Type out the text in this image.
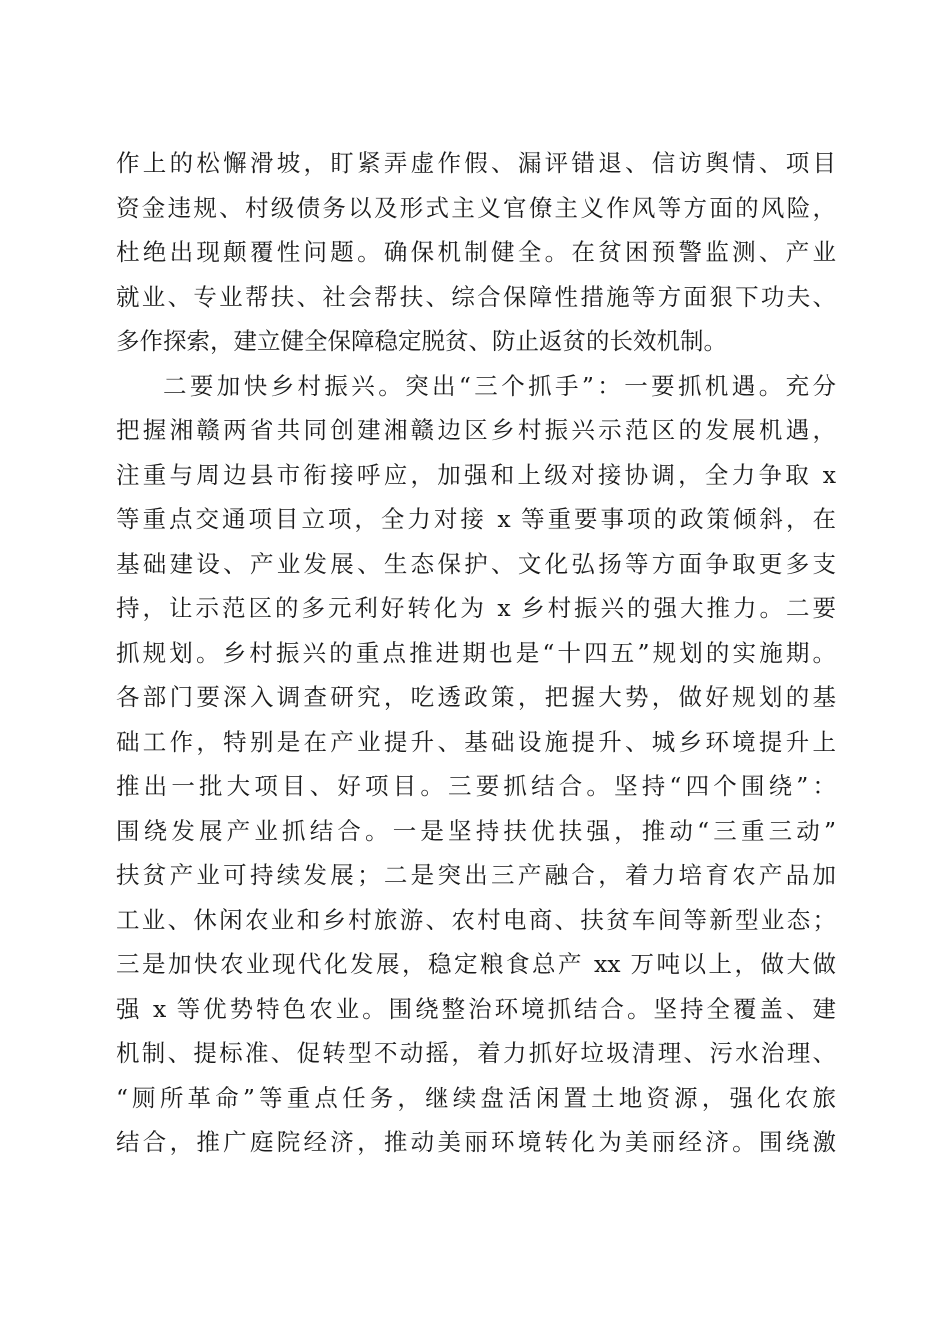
作上的松懈滑坡，盯紧弄虚作假、漏评错退、信访舆情、项目
资金违规、村级债务以及形式主义官僚主义作风等方面的风险，
杜绝出现颠覆性问题。确保机制健全。在贫困预警监测、产业
就业、专业帮扶、社会帮扶、综合保障性措施等方面狠下功夫、
多作探索，建立健全保障稳定脱贫、防止返贫的长效机制。
二要加快乡村振兴。突出“三个抓手”：一要抓机遇。充分
把握湘赣两省共同创建湘赣边区乡村振兴示范区的发展机遇，
注重与周边县市衔接呼应，加强和上级对接协调，全力争取 x
等重点交通项目立项，全力对接 x 等重要事项的政策倾斜，在
基础建设、产业发展、生态保护、文化弘扬等方面争取更多支
持，让示范区的多元利好转化为 x 乡村振兴的强大推力。二要
抓规划。乡村振兴的重点推进期也是“十四五”规划的实施期。
各部门要深入调查研究，吃透政策，把握大势，做好规划的基
础工作，特别是在产业提升、基础设施提升、城乡环境提升上
推出一批大项目、好项目。三要抓结合。坚持“四个围绕”：
围绕发展产业抓结合。一是坚持扶优扶强，推动“三重三动”
扶贫产业可持续发展；二是突出三产融合，着力培育农产品加
工业、休闲农业和乡村旅游、农村电商、扶贫车间等新型业态；
三是加快农业现代化发展，稳定粮食总产 xx 万吨以上，做大做
强 x 等优势特色农业。围绕整治环境抓结合。坚持全覆盖、建
机制、提标准、促转型不动摇，着力抓好垃圾清理、污水治理、
“厕所革命”等重点任务，继续盘活闲置土地资源，强化农旅
结合，推广庭院经济，推动美丽环境转化为美丽经济。围绕激
